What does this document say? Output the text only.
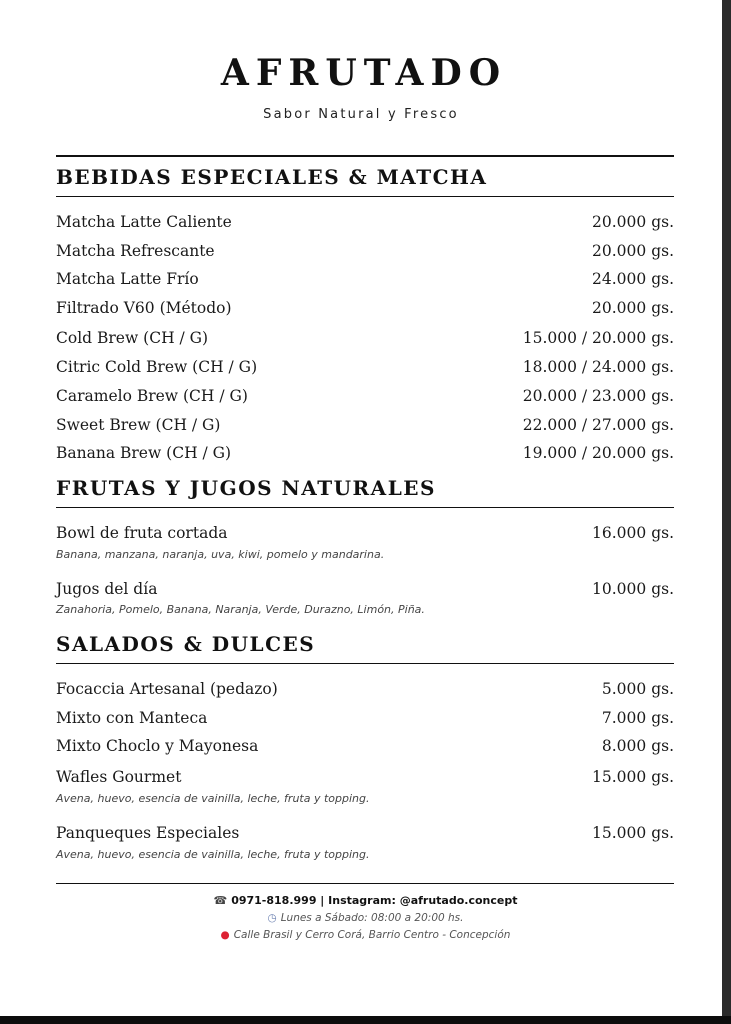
AFRUTADO
Sabor Natural y Fresco
BEBIDAS ESPECIALES & MATCHA
Matcha Latte Caliente	20.000 gs.
Matcha Refrescante	20.000 gs.
Matcha Latte Frío	24.000 gs.
Filtrado V60 (Método)	20.000 gs.
Cold Brew (CH / G)	15.000 / 20.000 gs.
Citric Cold Brew (CH / G)	18.000 / 24.000 gs.
Caramelo Brew (CH / G)	20.000 / 23.000 gs.
Sweet Brew (CH / G)	22.000 / 27.000 gs.
Banana Brew (CH / G)	19.000 / 20.000 gs.
FRUTAS Y JUGOS NATURALES
Bowl de fruta cortada	16.000 gs.
Banana, manzana, naranja, uva, kiwi, pomelo y mandarina.
Jugos del día	10.000 gs.
Zanahoria, Pomelo, Banana, Naranja, Verde, Durazno, Limón, Piña.
SALADOS & DULCES
Focaccia Artesanal (pedazo)	5.000 gs.
Mixto con Manteca	7.000 gs.
Mixto Choclo y Mayonesa	8.000 gs.
Wafles Gourmet	15.000 gs.
Avena, huevo, esencia de vainilla, leche, fruta y topping.
Panqueques Especiales	15.000 gs.
Avena, huevo, esencia de vainilla, leche, fruta y topping.
☎ 0971-818.999 | Instagram: @afrutado.concept
◷ Lunes a Sábado: 08:00 a 20:00 hs.
● Calle Brasil y Cerro Corá, Barrio Centro - Concepción
